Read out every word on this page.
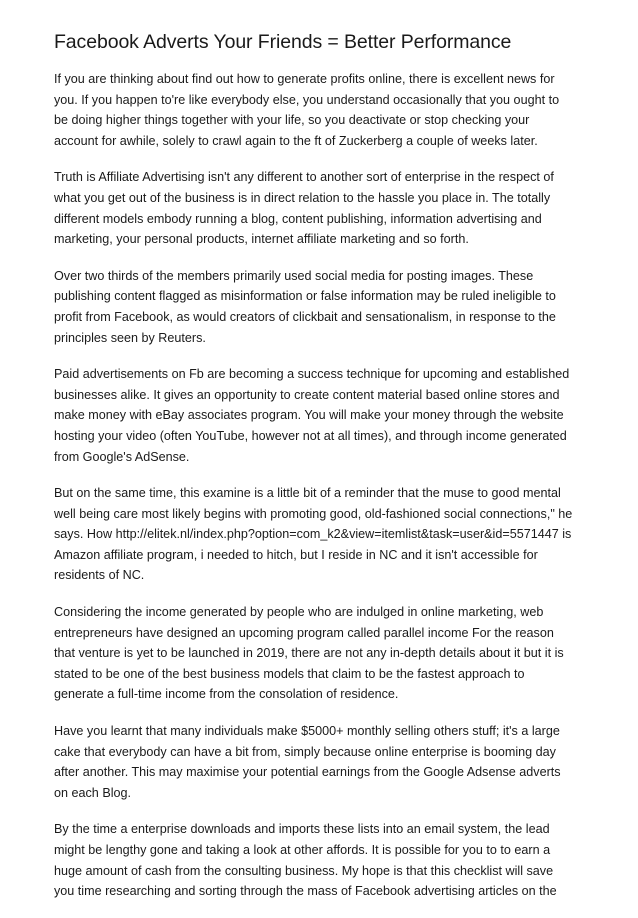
Facebook Adverts Your Friends = Better Performance

If you are thinking about find out how to generate profits online, there is excellent news for
you. If you happen to're like everybody else, you understand occasionally that you ought to
be doing higher things together with your life, so you deactivate or stop checking your
account for awhile, solely to crawl again to the ft of Zuckerberg a couple of weeks later.

Truth is Affiliate Advertising isn't any different to another sort of enterprise in the respect of
what you get out of the business is in direct relation to the hassle you place in. The totally
different models embody running a blog, content publishing, information advertising and
marketing, your personal products, internet affiliate marketing and so forth.

Over two thirds of the members primarily used social media for posting images. These
publishing content flagged as misinformation or false information may be ruled ineligible to
profit from Facebook, as would creators of clickbait and sensationalism, in response to the
principles seen by Reuters.

Paid advertisements on Fb are becoming a success technique for upcoming and established
businesses alike. It gives an opportunity to create content material based online stores and
make money with eBay associates program. You will make your money through the website
hosting your video (often YouTube, however not at all times), and through income generated
from Google's AdSense.

But on the same time, this examine is a little bit of a reminder that the muse to good mental
well being care most likely begins with promoting good, old-fashioned social connections," he
says. How http://elitek.nl/index.php?option=com_k2&view=itemlist&task=user&id=5571447 is
Amazon affiliate program, i needed to hitch, but I reside in NC and it isn't accessible for
residents of NC.

Considering the income generated by people who are indulged in online marketing, web
entrepreneurs have designed an upcoming program called parallel income For the reason
that venture is yet to be launched in 2019, there are not any in-depth details about it but it is
stated to be one of the best business models that claim to be the fastest approach to
generate a full-time income from the consolation of residence.

Have you learnt that many individuals make $5000+ monthly selling others stuff; it's a large
cake that everybody can have a bit from, simply because online enterprise is booming day
after another. This may maximise your potential earnings from the Google Adsense adverts
on each Blog.

By the time a enterprise downloads and imports these lists into an email system, the lead
might be lengthy gone and taking a look at other affords. It is possible for you to to earn a
huge amount of cash from the consulting business. My hope is that this checklist will save
you time researching and sorting through the mass of Facebook advertising articles on the
